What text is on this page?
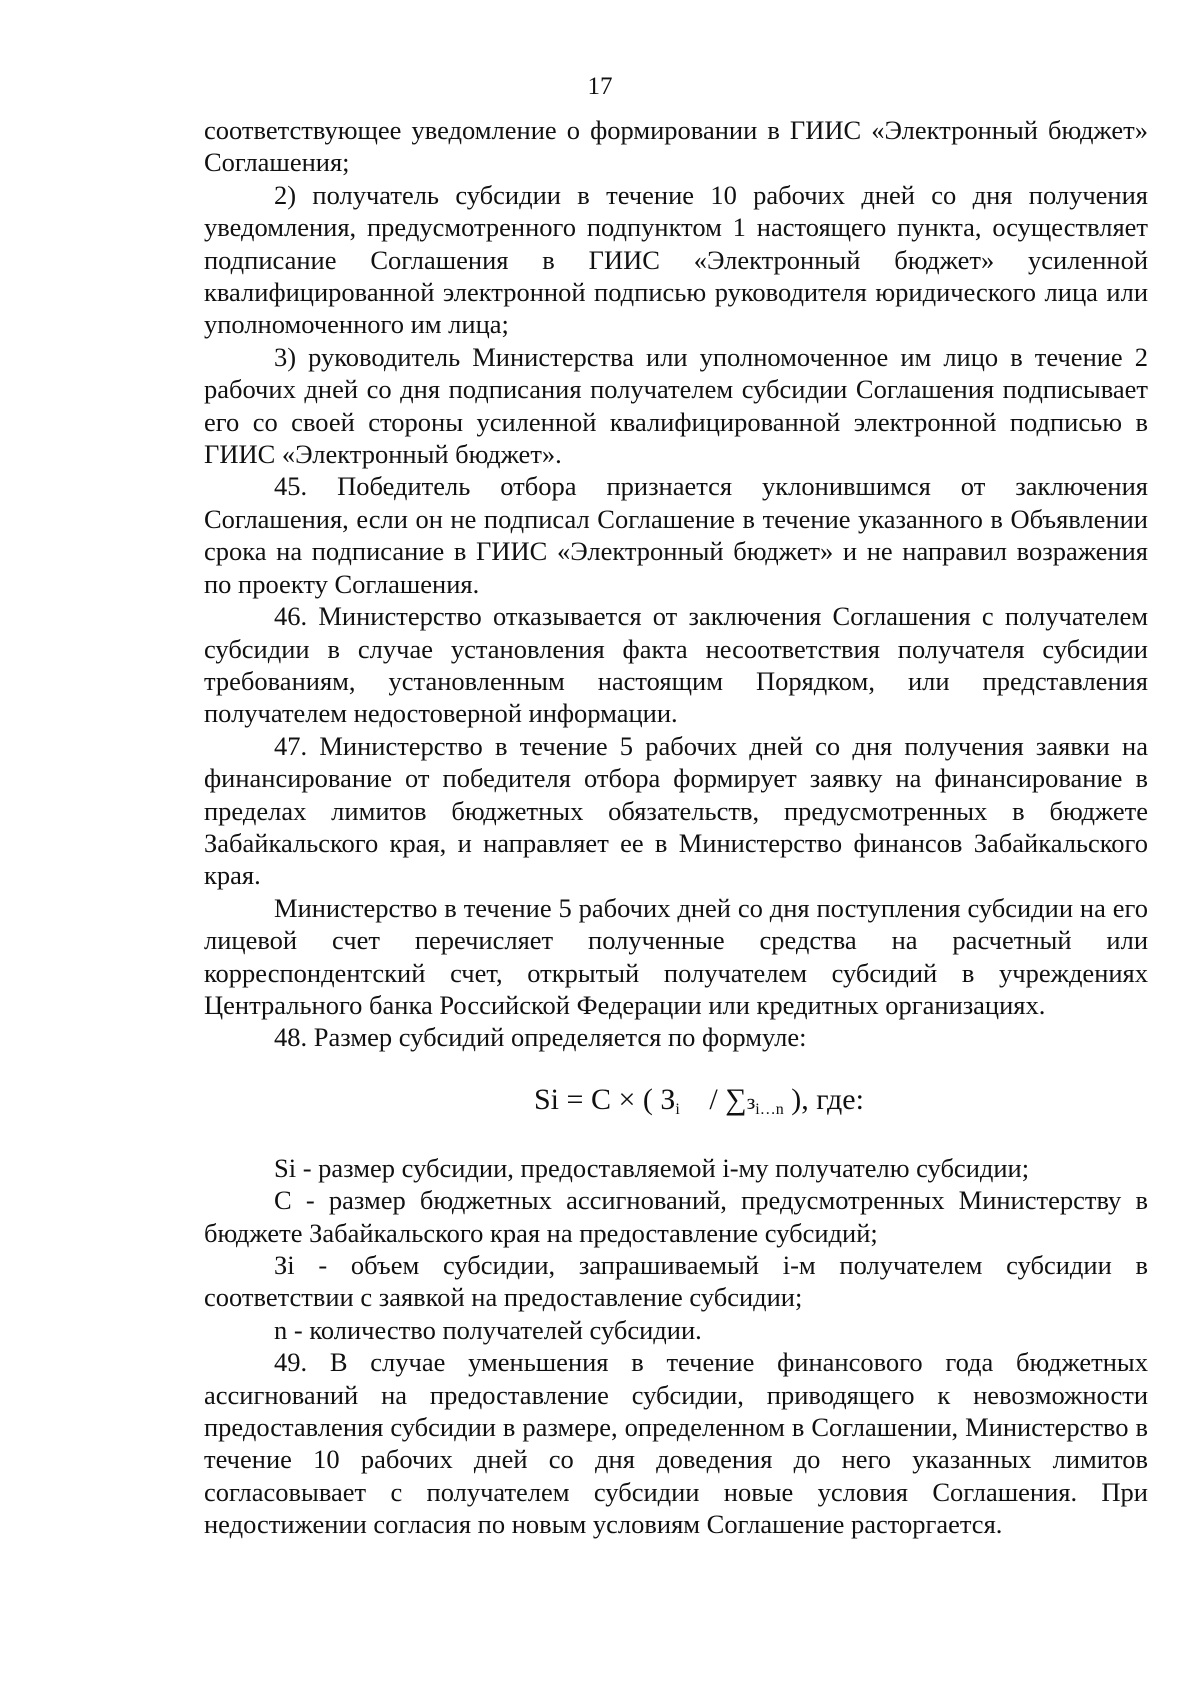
17

соответствующее уведомление о формировании в ГИИС «Электронный бюджет» Соглашения;

2) получатель субсидии в течение 10 рабочих дней со дня получения уведомления, предусмотренного подпунктом 1 настоящего пункта, осуществляет подписание Соглашения в ГИИС «Электронный бюджет» усиленной квалифицированной электронной подписью руководителя юридического лица или уполномоченного им лица;

3) руководитель Министерства или уполномоченное им лицо в течение 2 рабочих дней со дня подписания получателем субсидии Соглашения подписывает его со своей стороны усиленной квалифицированной электронной подписью в ГИИС «Электронный бюджет».

45. Победитель отбора признается уклонившимся от заключения Соглашения, если он не подписал Соглашение в течение указанного в Объявлении срока на подписание в ГИИС «Электронный бюджет» и не направил возражения по проекту Соглашения.

46. Министерство отказывается от заключения Соглашения с получателем субсидии в случае установления факта несоответствия получателя субсидии требованиям, установленным настоящим Порядком, или представления получателем недостоверной информации.

47. Министерство в течение 5 рабочих дней со дня получения заявки на финансирование от победителя отбора формирует заявку на финансирование в пределах лимитов бюджетных обязательств, предусмотренных в бюджете Забайкальского края, и направляет ее в Министерство финансов Забайкальского края.

Министерство в течение 5 рабочих дней со дня поступления субсидии на его лицевой счет перечисляет полученные средства на расчетный или корреспондентский счет, открытый получателем субсидий в учреждениях Центрального банка Российской Федерации или кредитных организациях.

48. Размер субсидий определяется по формуле:

Si = C × ( $З_i / \sum з_{i\dots n}$ ), где:

Si - размер субсидии, предоставляемой i-му получателю субсидии;

C - размер бюджетных ассигнований, предусмотренных Министерству в бюджете Забайкальского края на предоставление субсидий;

Зi - объем субсидии, запрашиваемый i-м получателем субсидии в соответствии с заявкой на предоставление субсидии;

n - количество получателей субсидии.

49. В случае уменьшения в течение финансового года бюджетных ассигнований на предоставление субсидии, приводящего к невозможности предоставления субсидии в размере, определенном в Соглашении, Министерство в течение 10 рабочих дней со дня доведения до него указанных лимитов согласовывает с получателем субсидии новые условия Соглашения. При недостижении согласия по новым условиям Соглашение расторгается.
